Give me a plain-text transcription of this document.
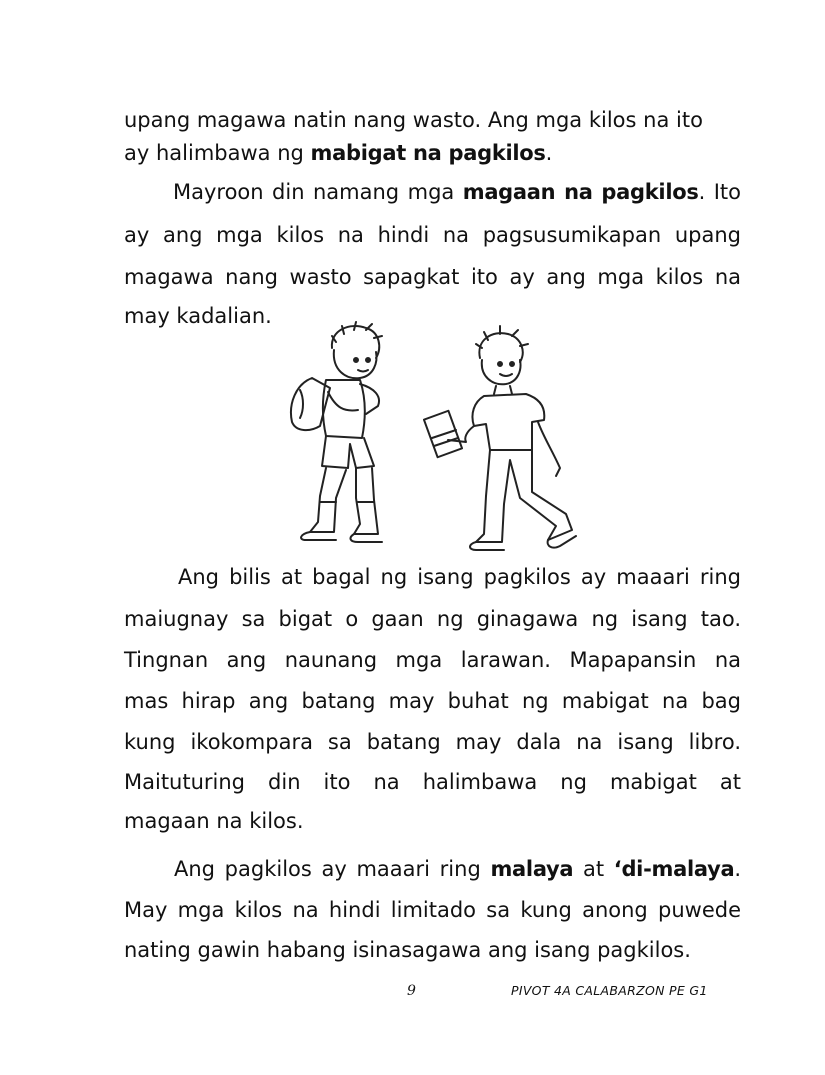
upang magawa natin nang wasto. Ang mga kilos na ito
ay halimbawa ng mabigat na pagkilos.
Mayroon din namang mga magaan na pagkilos. Ito
ay ang mga kilos na hindi na pagsusumikapan upang
magawa nang wasto sapagkat ito ay ang mga kilos na
may kadalian.
Ang bilis at bagal ng isang pagkilos ay maaari ring
maiugnay sa bigat o gaan ng ginagawa ng isang tao.
Tingnan ang naunang mga larawan. Mapapansin na
mas hirap ang batang may buhat ng mabigat na bag
kung ikokompara sa batang may dala na isang libro.
Maituturing din ito na halimbawa ng mabigat at
magaan na kilos.
Ang pagkilos ay maaari ring malaya at ‘di-malaya.
May mga kilos na hindi limitado sa kung anong puwede
nating gawin habang isinasagawa ang isang pagkilos.
9	PIVOT 4A CALABARZON PE G1
